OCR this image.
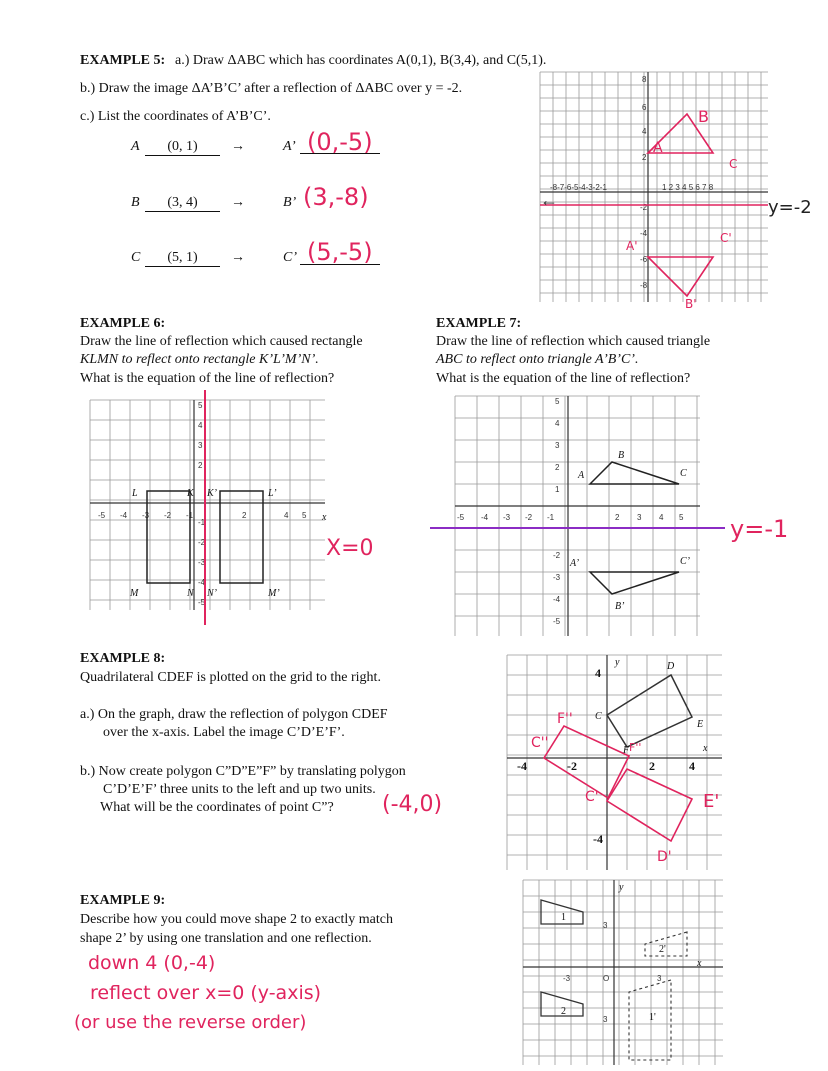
EXAMPLE 5: a.) Draw ΔABC which has coordinates A(0,1), B(3,4), and C(5,1).
b.) Draw the image ΔA’B’C’ after a reflection of ΔABC over y = -2.
c.) List the coordinates of A’B’C’.
A	(0, 1)	→	A’ (0,-5)
B	(3, 4)	→	B’ (3,-8)
C	(5, 1)	→	C’ (5,-5)
-8-7-6-5-4-3-2-1	1 2 3 4 5 6 7 8
8
6
4
2
-2
-4
-6
-8
B
C
A
A'
B'
C'
←	y=-2
EXAMPLE 6:
Draw the line of reflection which caused rectangle
KLMN to reflect onto rectangle K’L’M’N’.
What is the equation of the line of reflection?
-5 -4 -3 -2 -1	2	4 5 x
5
4
3
2
-1
-2
-3
-4
-5
L	K K’	L’
M	N N’	M’
X=0
EXAMPLE 7:
Draw the line of reflection which caused triangle
ABC to reflect onto triangle A’B’C’.
What is the equation of the line of reflection?
-5 -4 -3 -2 -1	2 3 4 5
5
4
3
2
1
-2
-3
-4
-5
A
B
C
A’
B’
C’
y=-1
EXAMPLE 8:
Quadrilateral CDEF is plotted on the grid to the right.
a.) On the graph, draw the reflection of polygon CDEF
over the x-axis. Label the image C’D’E’F’.
b.) Now create polygon C”D”E”F” by translating polygon
C’D’E’F’ three units to the left and up two units.
What will be the coordinates of point C”? (-4,0)
y
x
4
-4	-2	2	4
-4
D
E
C
F
C'
D'
E'
C''
F''
F''
EXAMPLE 9:
Describe how you could move shape 2 to exactly match
shape 2’ by using one translation and one reflection.
down 4 (0,-4)
reflect over x=0 (y-axis)
(or use the reverse order)
y
x
1
2
2'
1'
3
-3	O	3
3
